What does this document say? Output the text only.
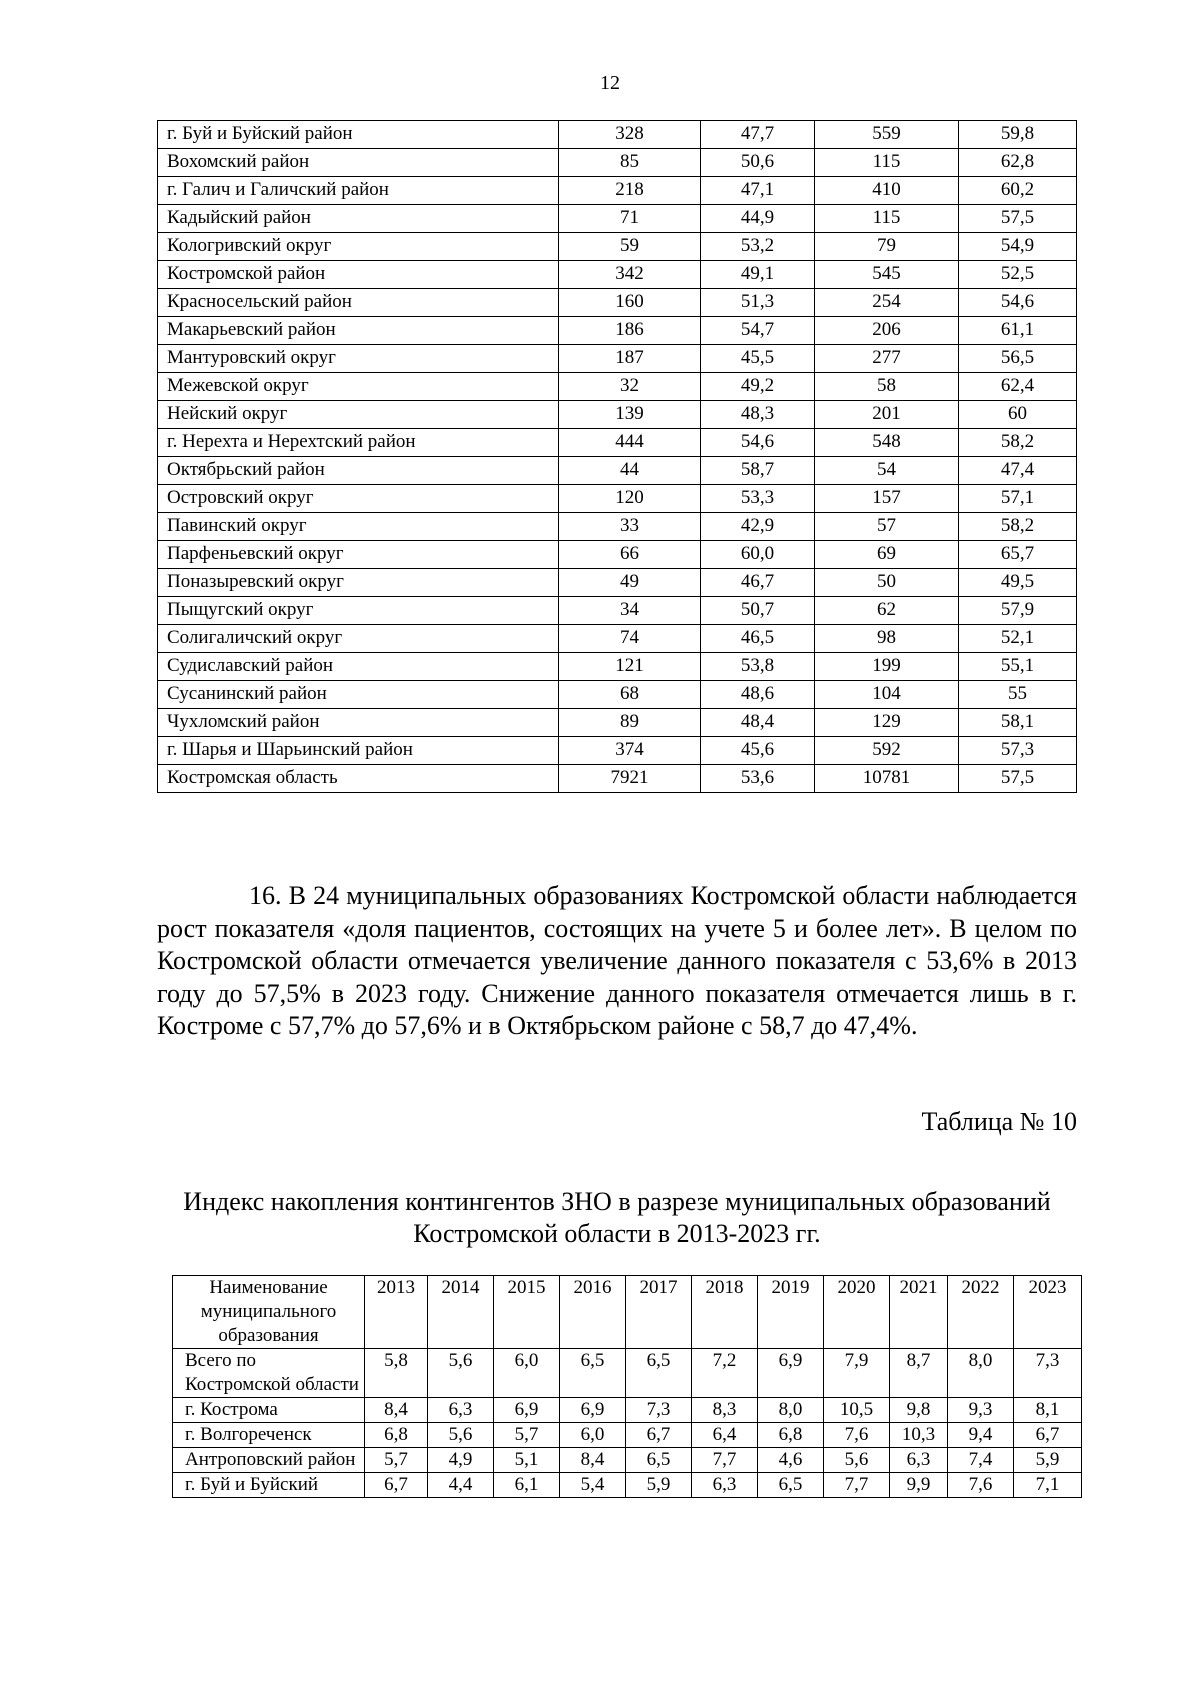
12
г. Буй и Буйский район	328	47,7	559	59,8
Вохомский район	85	50,6	115	62,8
г. Галич и Галичский район	218	47,1	410	60,2
Кадыйский район	71	44,9	115	57,5
Кологривский округ	59	53,2	79	54,9
Костромской район	342	49,1	545	52,5
Красносельский район	160	51,3	254	54,6
Макарьевский район	186	54,7	206	61,1
Мантуровский округ	187	45,5	277	56,5
Межевской округ	32	49,2	58	62,4
Нейский округ	139	48,3	201	60
г. Нерехта и Нерехтский район	444	54,6	548	58,2
Октябрьский район	44	58,7	54	47,4
Островский округ	120	53,3	157	57,1
Павинский округ	33	42,9	57	58,2
Парфеньевский округ	66	60,0	69	65,7
Поназыревский округ	49	46,7	50	49,5
Пыщугский округ	34	50,7	62	57,9
Солигаличский округ	74	46,5	98	52,1
Судиславский район	121	53,8	199	55,1
Сусанинский район	68	48,6	104	55
Чухломский район	89	48,4	129	58,1
г. Шарья и Шарьинский район	374	45,6	592	57,3
Костромская область	7921	53,6	10781	57,5
16. В 24 муниципальных образованиях Костромской области наблюдается рост показателя «доля пациентов, состоящих на учете 5 и более лет». В целом по Костромской области отмечается увеличение данного показателя с 53,6% в 2013 году до 57,5% в 2023 году. Снижение данного показателя отмечается лишь в г. Костроме с 57,7% до 57,6% и в Октябрьском районе с 58,7 до 47,4%.
Таблица № 10
Индекс накопления контингентов ЗНО в разрезе муниципальных образований Костромской области в 2013-2023 гг.
Наименование муниципального образования	2013	2014	2015	2016	2017	2018	2019	2020	2021	2022	2023
Всего по Костромской области	5,8	5,6	6,0	6,5	6,5	7,2	6,9	7,9	8,7	8,0	7,3
г. Кострома	8,4	6,3	6,9	6,9	7,3	8,3	8,0	10,5	9,8	9,3	8,1
г. Волгореченск	6,8	5,6	5,7	6,0	6,7	6,4	6,8	7,6	10,3	9,4	6,7
Антроповский район	5,7	4,9	5,1	8,4	6,5	7,7	4,6	5,6	6,3	7,4	5,9
г. Буй и Буйский	6,7	4,4	6,1	5,4	5,9	6,3	6,5	7,7	9,9	7,6	7,1
